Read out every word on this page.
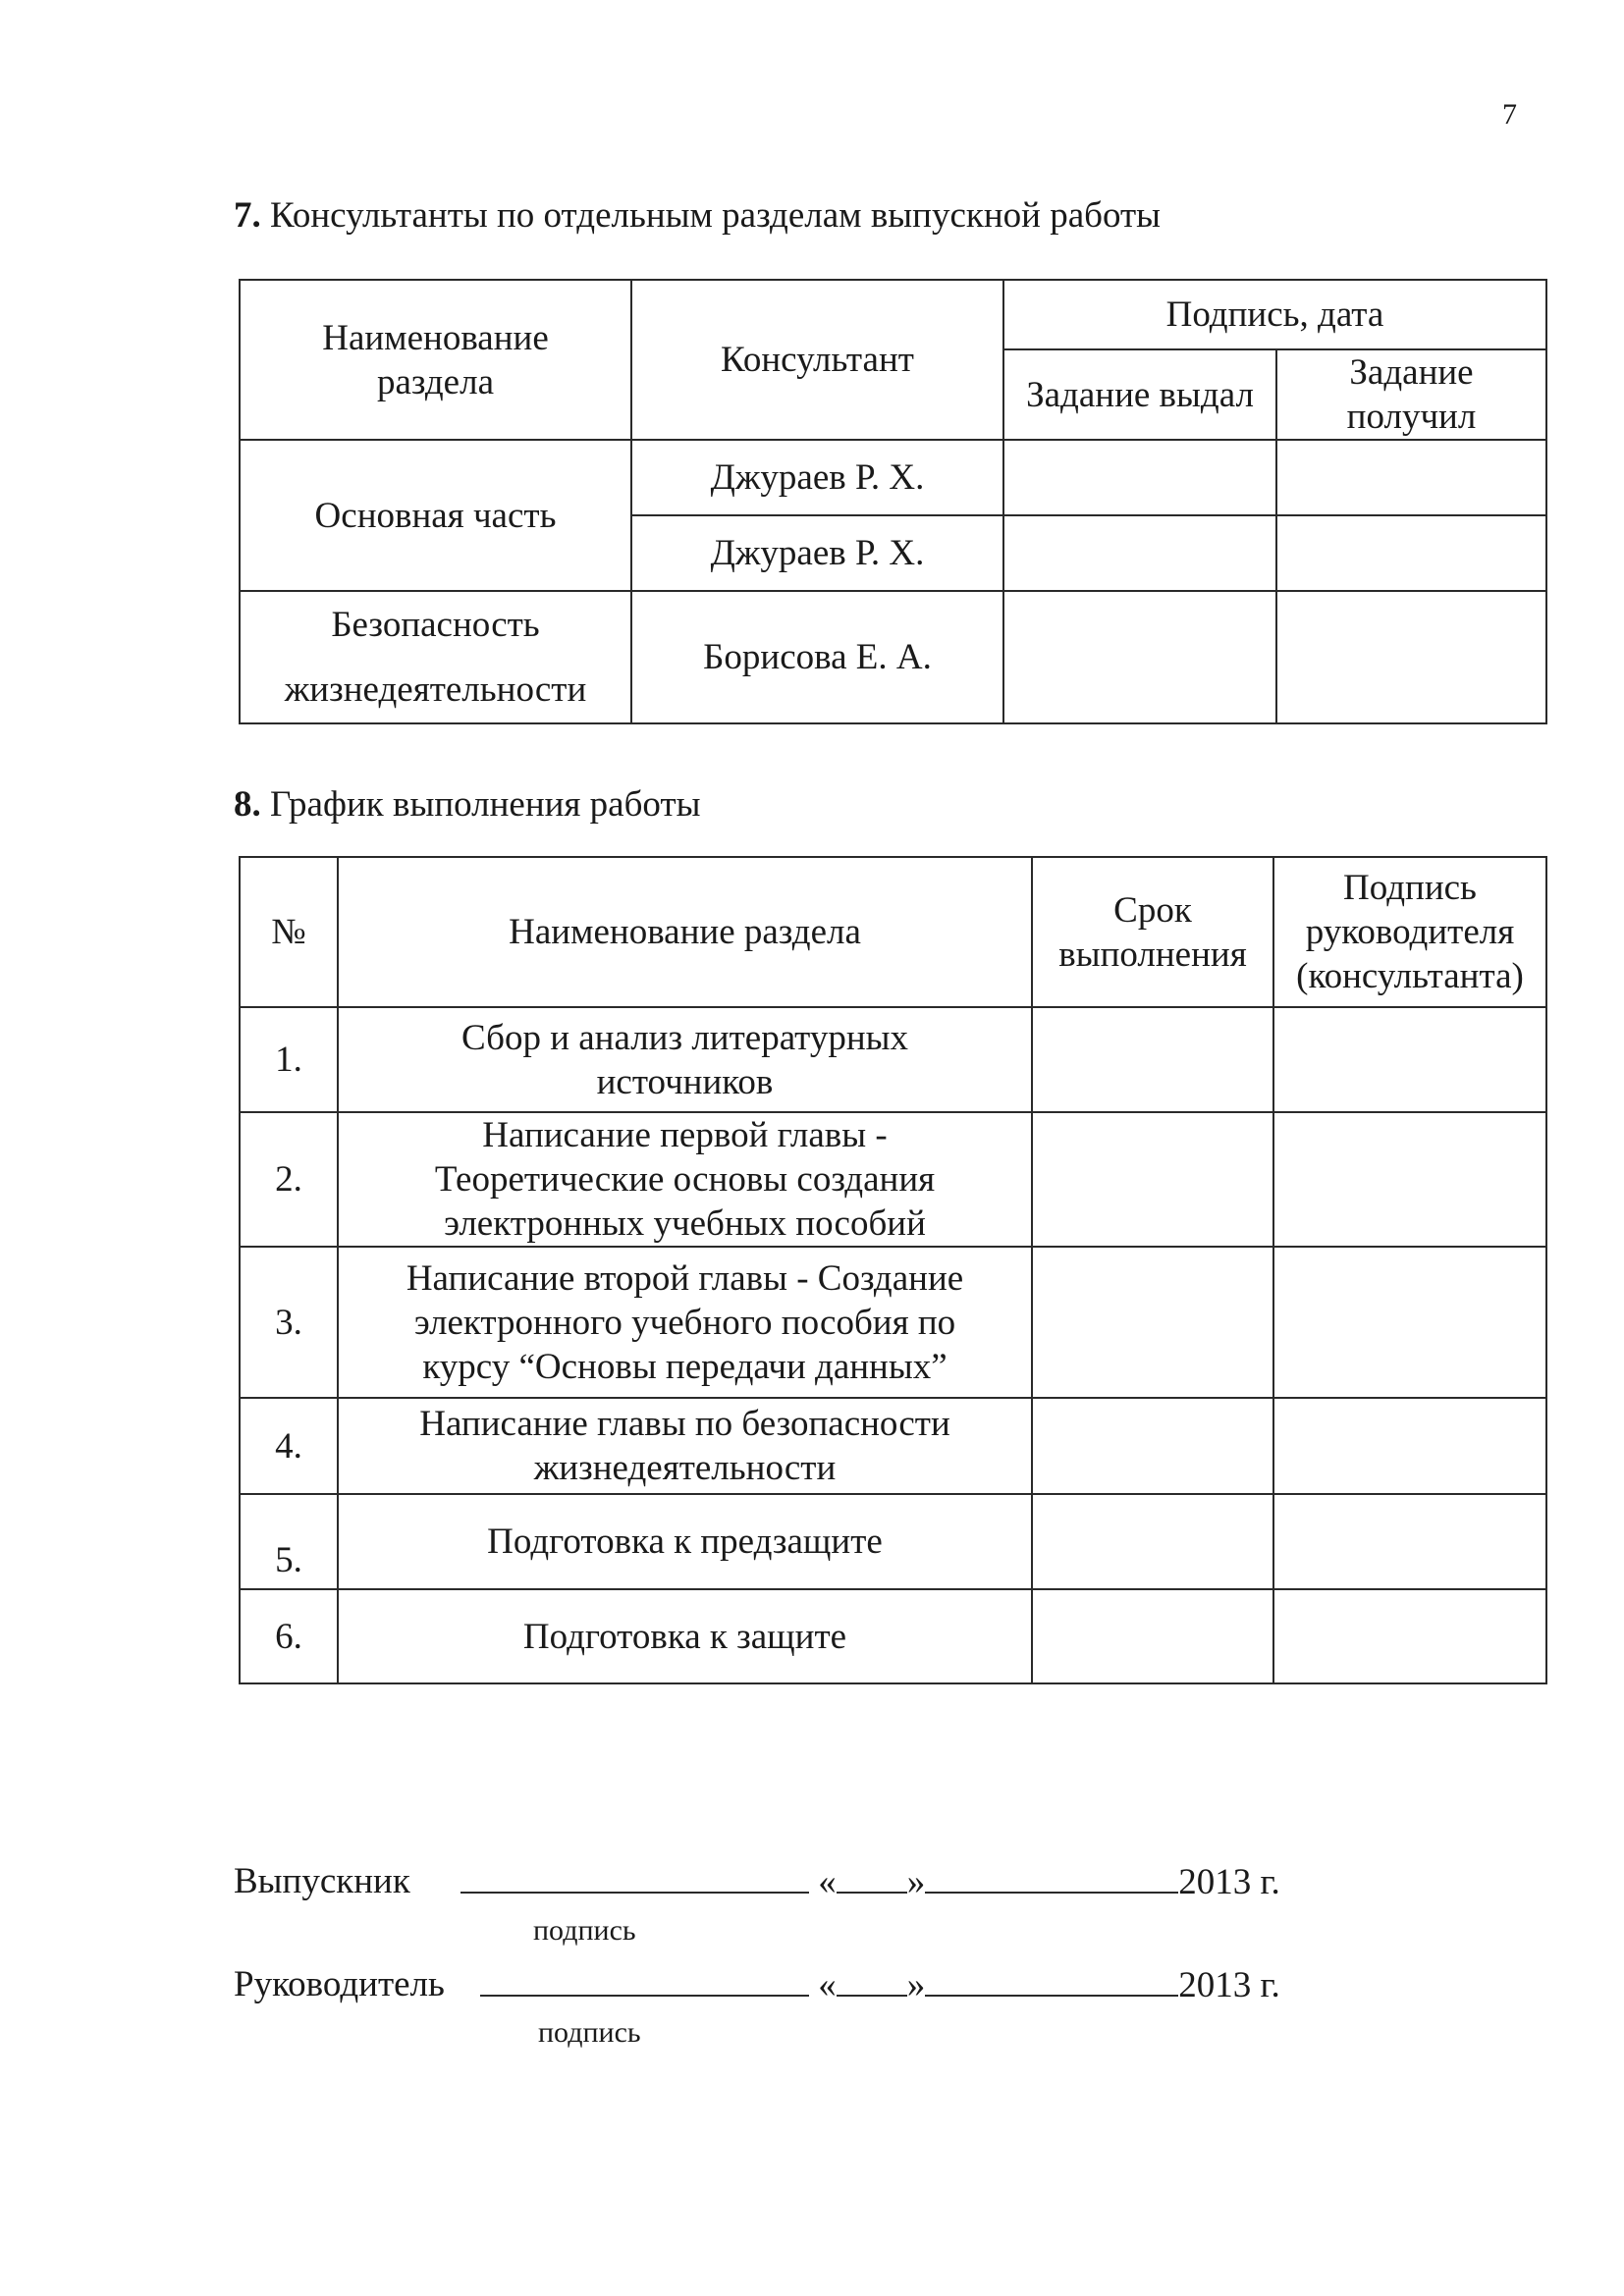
7
7. Консультанты по отдельным разделам выпускной работы
Наименование
раздела	Консультант	Подпись, дата	
		Задание выдал	Задание
получил
Основная часть	Джураев Р. Х.		
	Джураев Р. Х.		
Безопасность
жизнедеятельности	Борисова Е. А.		
8. График выполнения работы
№	Наименование раздела	Срок
выполнения	Подпись
руководителя
(консультанта)
1.	Сбор и анализ литературных
источников		
2.	Написание первой главы -
Теоретические основы создания
электронных учебных пособий		
3.	Написание второй главы - Создание
электронного учебного пособия по
курсу “Основы передачи данных”		
4.	Написание главы по безопасности
жизнедеятельности		
5.	Подготовка к предзащите		
6.	Подготовка к защите		
Выпускник	« »	2013 г.
подпись
Руководитель	« »	2013 г.
подпись
